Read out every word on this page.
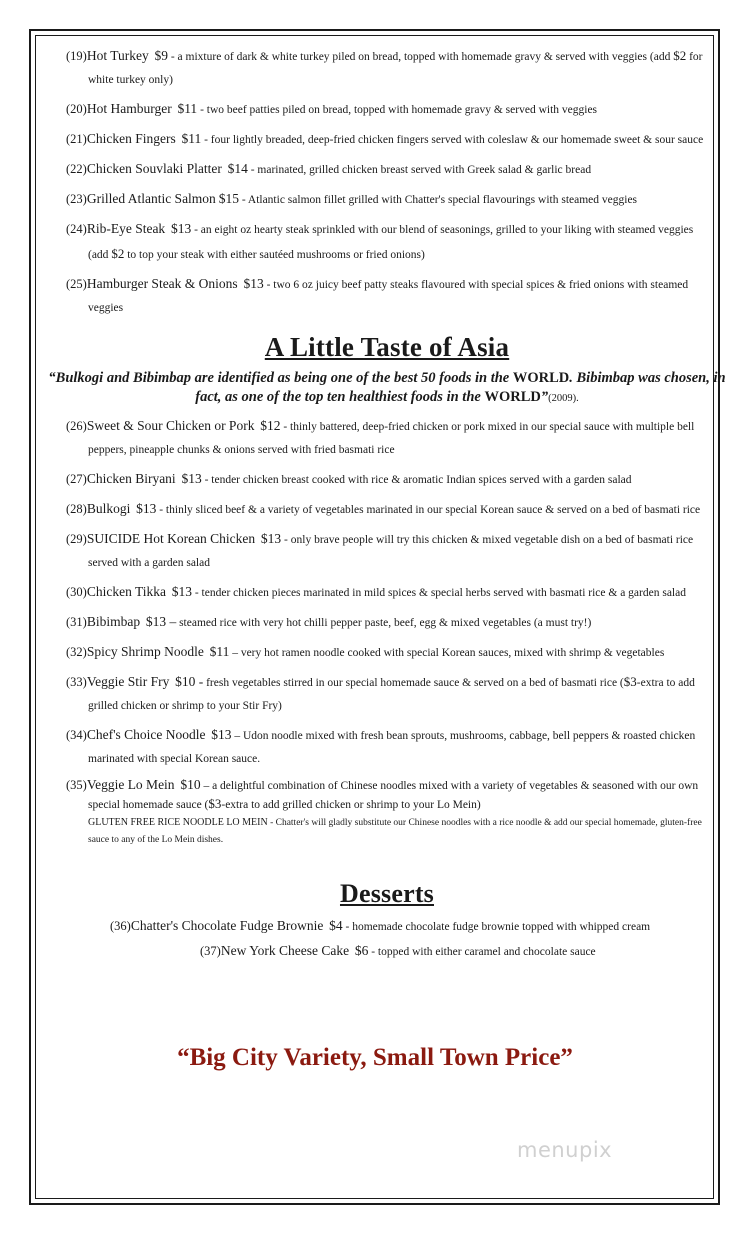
(19)Hot Turkey $9 - a mixture of dark & white turkey piled on bread, topped with homemade gravy & served with veggies (add $2 for white turkey only)
(20)Hot Hamburger $11 - two beef patties piled on bread, topped with homemade gravy & served with veggies
(21)Chicken Fingers $11 - four lightly breaded, deep-fried chicken fingers served with coleslaw & our homemade sweet & sour sauce
(22)Chicken Souvlaki Platter $14 - marinated, grilled chicken breast served with Greek salad & garlic bread
(23)Grilled Atlantic Salmon $15 - Atlantic salmon fillet grilled with Chatter's special flavourings with steamed veggies
(24)Rib-Eye Steak $13 - an eight oz hearty steak sprinkled with our blend of seasonings, grilled to your liking with steamed veggies (add $2 to top your steak with either sautéed mushrooms or fried onions)
(25)Hamburger Steak & Onions $13 - two 6 oz juicy beef patty steaks flavoured with special spices & fried onions with steamed veggies
A Little Taste of Asia
“Bulkogi and Bibimbap are identified as being one of the best 50 foods in the WORLD. Bibimbap was chosen, in fact, as one of the top ten healthiest foods in the WORLD”(2009).
(26)Sweet & Sour Chicken or Pork $12 - thinly battered, deep-fried chicken or pork mixed in our special sauce with multiple bell peppers, pineapple chunks & onions served with fried basmati rice
(27)Chicken Biryani $13 - tender chicken breast cooked with rice & aromatic Indian spices served with a garden salad
(28)Bulkogi $13 - thinly sliced beef & a variety of vegetables marinated in our special Korean sauce & served on a bed of basmati rice
(29)SUICIDE Hot Korean Chicken $13 - only brave people will try this chicken & mixed vegetable dish on a bed of basmati rice served with a garden salad
(30)Chicken Tikka $13 - tender chicken pieces marinated in mild spices & special herbs served with basmati rice & a garden salad
(31)Bibimbap $13 – steamed rice with very hot chilli pepper paste, beef, egg & mixed vegetables (a must try!)
(32)Spicy Shrimp Noodle $11 – very hot ramen noodle cooked with special Korean sauces, mixed with shrimp & vegetables
(33)Veggie Stir Fry $10 - fresh vegetables stirred in our special homemade sauce & served on a bed of basmati rice ($3-extra to add grilled chicken or shrimp to your Stir Fry)
(34)Chef's Choice Noodle $13 – Udon noodle mixed with fresh bean sprouts, mushrooms, cabbage, bell peppers & roasted chicken marinated with special Korean sauce.
(35)Veggie Lo Mein $10 – a delightful combination of Chinese noodles mixed with a variety of vegetables & seasoned with our own special homemade sauce ($3-extra to add grilled chicken or shrimp to your Lo Mein)
GLUTEN FREE RICE NOODLE LO MEIN - Chatter's will gladly substitute our Chinese noodles with a rice noodle & add our special homemade, gluten-free sauce to any of the Lo Mein dishes.
Desserts
(36)Chatter's Chocolate Fudge Brownie $4 - homemade chocolate fudge brownie topped with whipped cream
(37)New York Cheese Cake $6 - topped with either caramel and chocolate sauce
“Big City Variety, Small Town Price”
menupix
